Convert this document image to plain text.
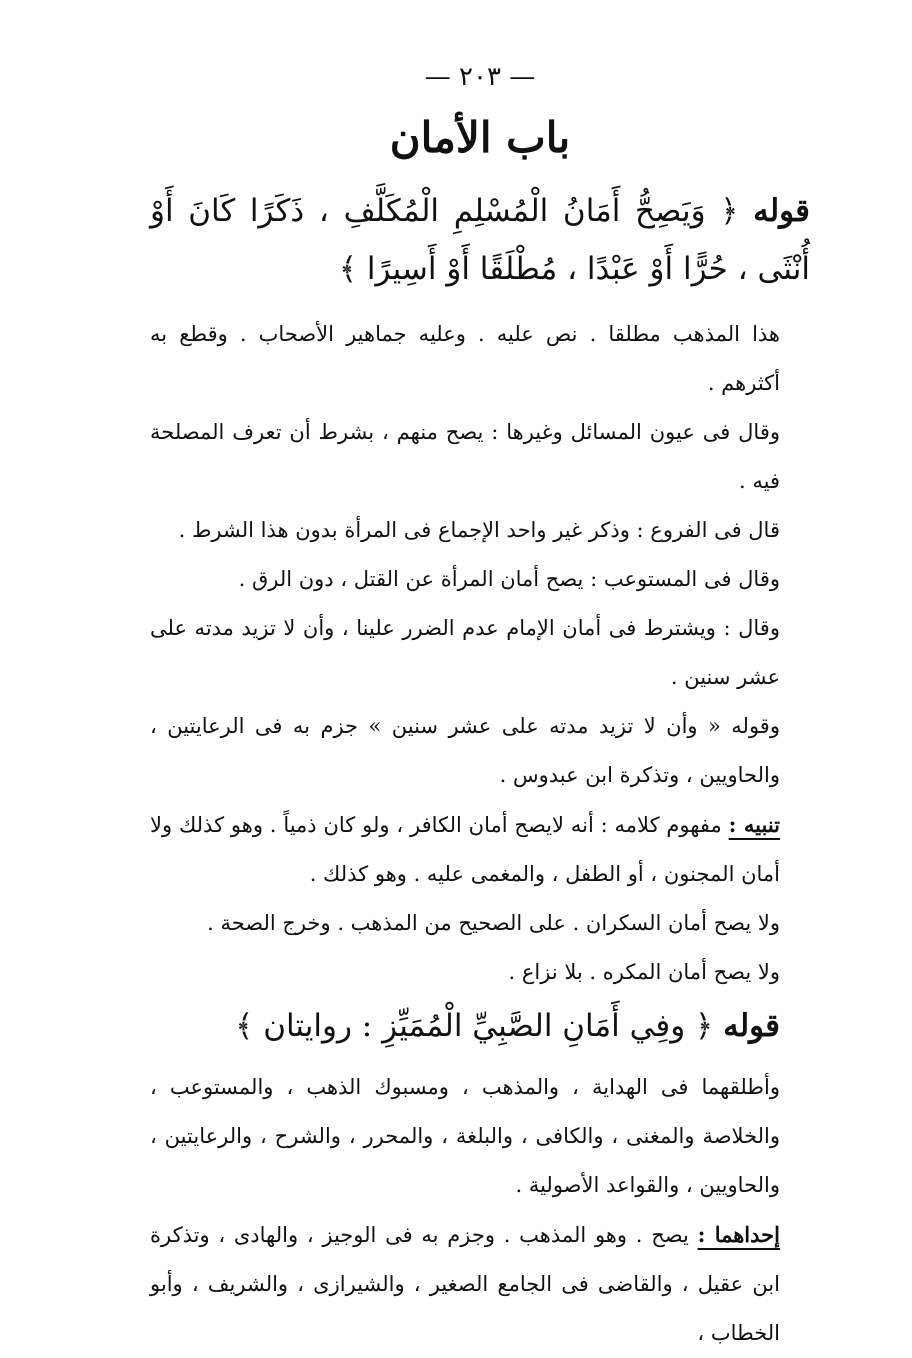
— ٢٠٣ —
باب الأمان

قوله ﴿ وَيَصِحُّ أَمَانُ الْمُسْلِمِ الْمُكَلَّفِ ، ذَكَرًا كَانَ أَوْ أُنْثَى ، حُرًّا أَوْ عَبْدًا ، مُطْلَقًا أَوْ أَسِيرًا ﴾

هذا المذهب مطلقا . نص عليه . وعليه جماهير الأصحاب . وقطع به أكثرهم .

وقال فى عيون المسائل وغيرها : يصح منهم ، بشرط أن تعرف المصلحة فيه .

قال فى الفروع : وذكر غير واحد الإجماع فى المرأة بدون هذا الشرط .

وقال فى المستوعب : يصح أمان المرأة عن القتل ، دون الرق .

وقال : ويشترط فى أمان الإمام عدم الضرر علينا ، وأن لا تزيد مدته على عشر سنين .

وقوله « وأن لا تزيد مدته على عشر سنين » جزم به فى الرعايتين ، والحاويين ، وتذكرة ابن عبدوس .

تنبيه : مفهوم كلامه : أنه لايصح أمان الكافر ، ولو كان ذمياً . وهو كذلك ولا أمان المجنون ، أو الطفل ، والمغمى عليه . وهو كذلك .

ولا يصح أمان السكران . على الصحيح من المذهب . وخرج الصحة .

ولا يصح أمان المكره . بلا نزاع .

قوله ﴿ وفِي أَمَانِ الصَّبِيِّ الْمُمَيِّزِ : روايتان ﴾

وأطلقهما فى الهداية ، والمذهب ، ومسبوك الذهب ، والمستوعب ، والخلاصة والمغنى ، والكافى ، والبلغة ، والمحرر ، والشرح ، والرعايتين ، والحاويين ، والقواعد الأصولية .

إحداهما : يصح . وهو المذهب . وجزم به فى الوجيز ، والهادى ، وتذكرة ابن عقيل ، والقاضى فى الجامع الصغير ، والشيرازى ، والشريف ، وأبو الخطاب ،
